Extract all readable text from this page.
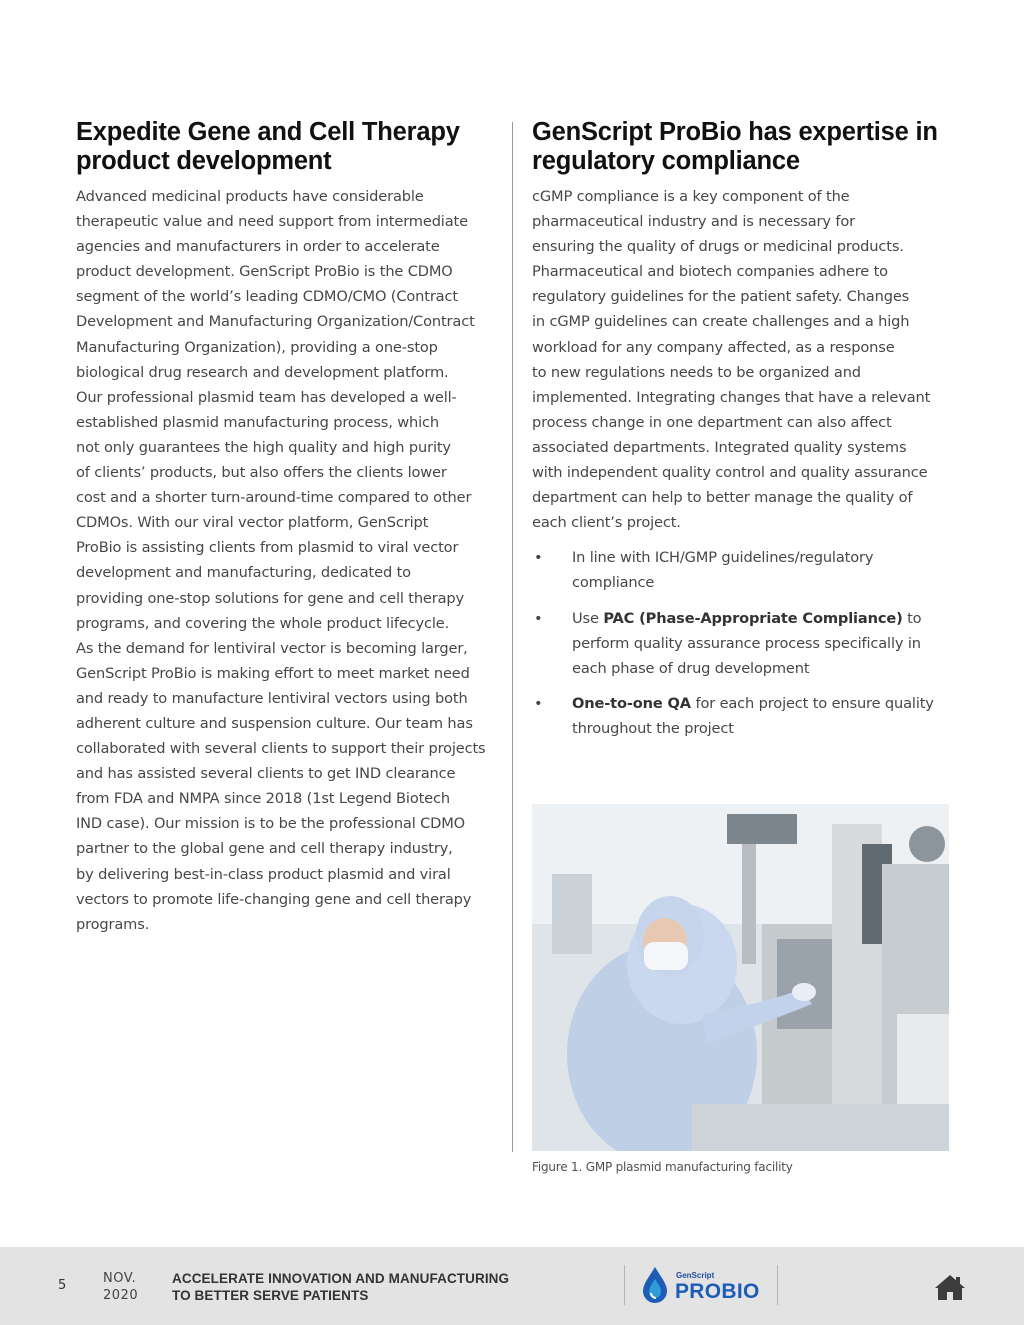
Expedite Gene and Cell Therapy product development

Advanced medicinal products have considerable
therapeutic value and need support from intermediate
agencies and manufacturers in order to accelerate
product development. GenScript ProBio is the CDMO
segment of the world’s leading CDMO/CMO (Contract
Development and Manufacturing Organization/Contract
Manufacturing Organization), providing a one-stop
biological drug research and development platform.
Our professional plasmid team has developed a well-
established plasmid manufacturing process, which
not only guarantees the high quality and high purity
of clients’ products, but also offers the clients lower
cost and a shorter turn-around-time compared to other
CDMOs. With our viral vector platform, GenScript
ProBio is assisting clients from plasmid to viral vector
development and manufacturing, dedicated to
providing one-stop solutions for gene and cell therapy
programs, and covering the whole product lifecycle.
As the demand for lentiviral vector is becoming larger,
GenScript ProBio is making effort to meet market need
and ready to manufacture lentiviral vectors using both
adherent culture and suspension culture. Our team has
collaborated with several clients to support their projects
and has assisted several clients to get IND clearance
from FDA and NMPA since 2018 (1st Legend Biotech
IND case). Our mission is to be the professional CDMO
partner to the global gene and cell therapy industry,
by delivering best-in-class product plasmid and viral
vectors to promote life-changing gene and cell therapy
programs.

GenScript ProBio has expertise in regulatory compliance

cGMP compliance is a key component of the
pharmaceutical industry and is necessary for
ensuring the quality of drugs or medicinal products.
Pharmaceutical and biotech companies adhere to
regulatory guidelines for the patient safety. Changes
in cGMP guidelines can create challenges and a high
workload for any company affected, as a response
to new regulations needs to be organized and
implemented. Integrating changes that have a relevant
process change in one department can also affect
associated departments. Integrated quality systems
with independent quality control and quality assurance
department can help to better manage the quality of
each client’s project.

• In line with ICH/GMP guidelines/regulatory compliance
• Use PAC (Phase-Appropriate Compliance) to perform quality assurance process specifically in each phase of drug development
• One-to-one QA for each project to ensure quality throughout the project
Figure 1. GMP plasmid manufacturing facility
5	NOV.
2020
ACCELERATE INNOVATION AND MANUFACTURING
TO BETTER SERVE PATIENTS
GenScript
PROBIO
